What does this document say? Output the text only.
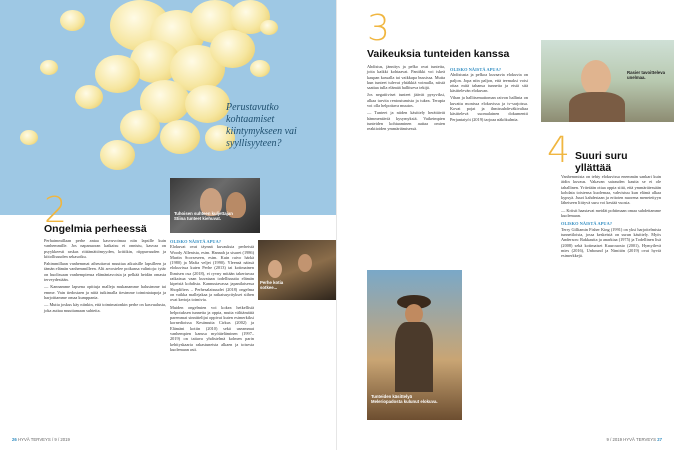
Perustavutko kohtaamiset kiintymykseen vai syyllisyyteen?
Tuhoisen suhteen kuljettajan Stiina tunteet kiehuvat.
Perhe kotia sotkee...
2
Ongelmia perheessä

Perhaimmillaan perhe antaa kasvuvoimaa niin lapsille kuin vanhemmille. Jos napanuoran katkaisu ei onnistu, kasvaa on psyykkeesti raskas riittämättömyyden, kritiikin, riippuvuuden ja kiitollisuuden sekasotku.

Pahimmillaan vanhemmat aiheuttavat muuttaa aikuisille lapsilleen ja tämän elämän vanhemmilleen. Alti arvostelee poikansa valintoja: tytär on huolissaan vanhempiensa elämäntavoista ja pelkää heidän omasta terveydestään.

— Kannamme lapsena opittuja malleja mukanamme halusimme tai emme. Vain tiedostaen ja niitä tutkimalla tiesimme toimintatapoja ja harjoittamme omaa kumppania.

— Mutta joskus käy niinkin, että toimimatonkin perhe on kasvualusta, joka auttaa muuttamaan suhteita.

OLISKO NÄISTÄ APUA?

Elokuvat ovat täynnä kuvauksia perheistä Woody Allenista, esim. Hannah ja sisaret (1986) Martin Scorseseen, esim. Kuin raivo härkä (1980) ja Mafia veljet (1990). Yleensä näissä elokuvissa kuten Perhe (2013) tai kotimainen Ihmisen osa (2018), ei ryvny mitään takertuvaa ratkaisua vaan kuvataan todellisuutta elämän kipeistä kohdista. Kannustavassa japanilaisessa Shoplifters – Perhesalaisuudet (2018) ongelma on vaikka mallejakaa ja ratkaisuyritykset siihen ovat kertoja toimivia.

Muiden ongelmien voi kokea hetkellisiä helpotuksen tunnetta ja oppia, mutta välttämättä paremmat sinnittelijat oppivat kuten esimerkiksi kornedioissa Kesämutta Cirkus (2002) ja Elämäni kotiin (2010) sekä useammat vanhempien kanssa myötäeläminen (1997–2019) on taitava yhdistelmä kolmen parin kehityskaaria rakastuneista alkaen ja toisesta kuolemaan asti.

26 HYVÄ TERVEYS / 9 / 2019
3
Vaikeuksia tunteiden kanssa

Ahdistus, jännitys ja pelko ovat tunteita, joita kaikki kohtaavat. Paniikki voi iskeä kaupan kassalla tai vaikkapa bussissa. Mutta kun tunteet tulevat yhtäkkiä voimalla, niistä saattaa tulla elämää hallitseva tekijä.

Jos negatiiviset tunteet jäävät pysyviksi, alkaa tarvita rentoutumista ja tukea. Terapia voi olla helpottava muutos.

— Tunteet ja niiden käsittely herättävät hämmentäviä kysymyksiä. Vaikeimpien tunteiden kohtaaminen auttaa omien reaktioiden ymmärtämisessä.

OLISKO NÄISTÄ APUA?

Ahdistusta ja pelkoa kuvaavia elokuvia on paljon. Jopa niin paljon, että teemaksi voisi ottaa mitä tahansa tunnetta ja etsiä sitä käsittelevän elokuvan.

Vihan ja hallitsemattoman raivon hallinta on kuvattu monissa elokuvissa ja tv-sarjoissa. Kovat pojat ja ihmissuhdeväkivaltaa käsittelevä suomalainen dokumentti Perjantaiyöt (2019) tarjoaa näkökulmia.

Rasier tavoitteleva unelmaa.
Tunteiden käsittelyä Meleriopadosta kulunut elokuva.
4 Suuri suru yllättää

Vanhemmista on tehty elokuvissa enemmän sankari kuin äidin kuvaus. Vakavan sairauden kautta se ei ole tahallinen. Yritetään ottaa oppia siitä, että ymmärtäessään kohdata toistensa kuolemaa, vahvistuu kun elämä alkaa kypsyä. Juuri kahdestaan ja eritoten nuorena menetettyyn läheiseen liittyvä suru voi kestää vuosia.

— Kriisit haastavat meidät pohtimaan omaa suhdettamme kuolemaan.

OLISKO NÄISTÄ APUA?

Terry Gilliamin Fisher King (1991) on yksi harjoitelmista tunnetiloista, jossa keskeistä on surun käsittely. Myös Anderson: Rakkautta ja anarkiaa (1975) ja Todellinen lisä (2008) sekä kotimaiset Kuurouosto (2001), Hymyilevä mies (2016), Unbound ja Nimitön (2019) ovat hyviä esimerkkejä.

9 / 2019 HYVÄ TERVEYS 27
